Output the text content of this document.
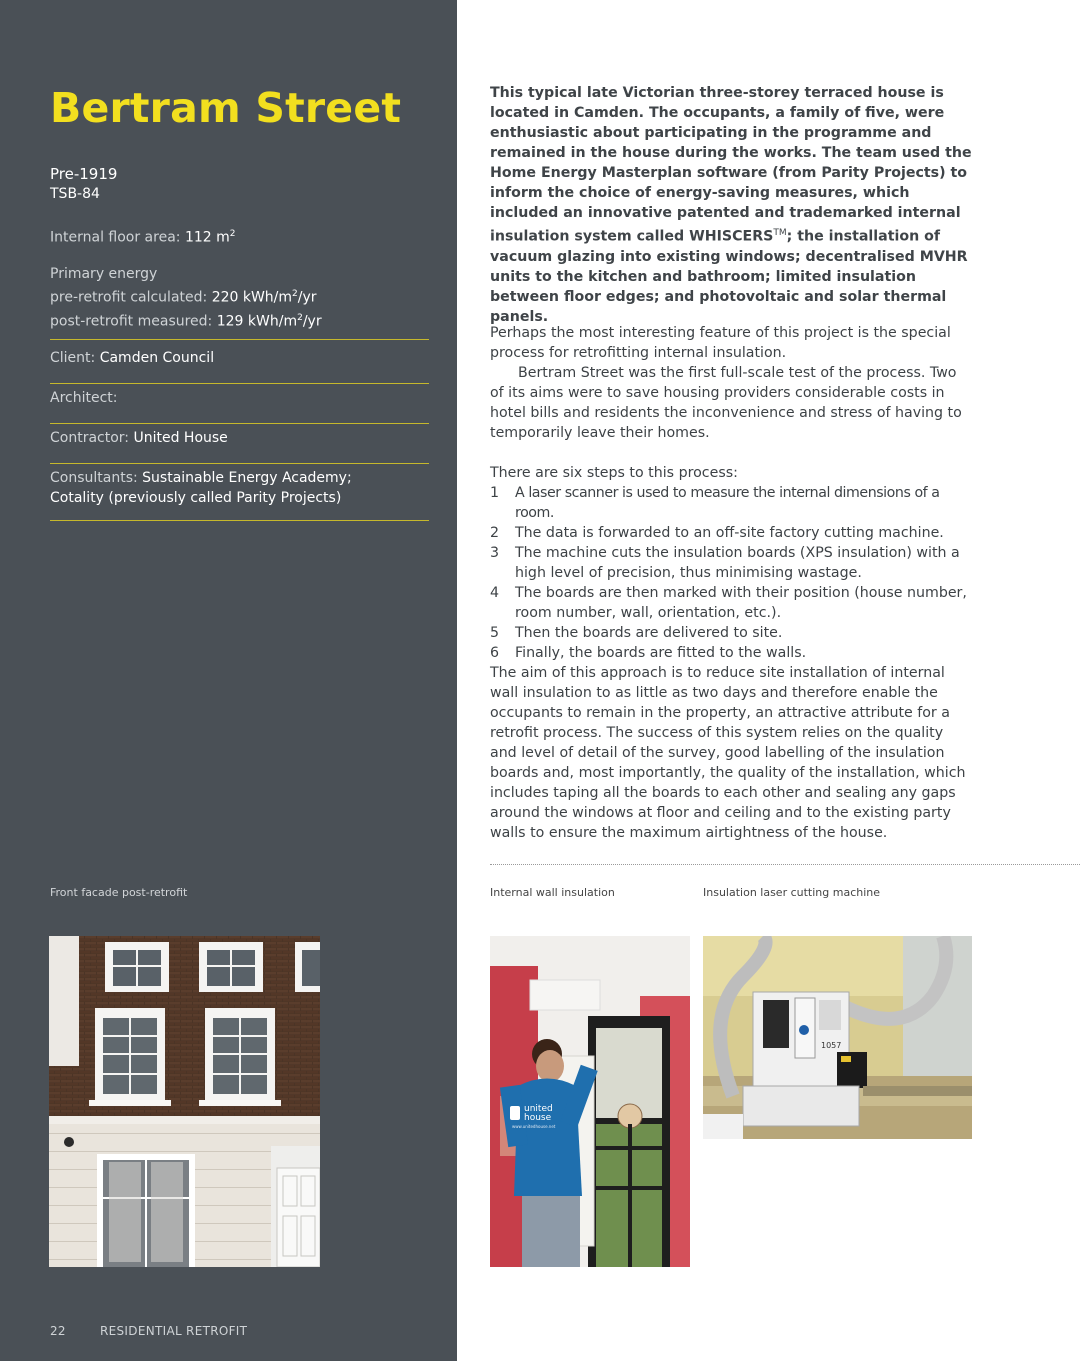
Bertram Street
Pre-1919
TSB-84
Internal floor area: 112 $m^2$
Primary energy
pre-retrofit calculated: 220 kWh/$m^2/yr$
post-retrofit measured: 129 kWh/$m^2/yr$
Client: Camden Council
Architect:
Contractor: United House
Consultants: Sustainable Energy Academy;
Cotality (previously called Parity Projects)
Front facade post-retrofit
22	RESIDENTIAL RETROFIT
This typical late Victorian three-storey terraced house is located in Camden. The occupants, a family of five, were enthusiastic about participating in the programme and remained in the house during the works. The team used the Home Energy Masterplan software (from Parity Projects) to inform the choice of energy-saving measures, which included an innovative patented and trademarked internal insulation system called WHISCERS™; the installation of vacuum glazing into existing windows; decentralised MVHR units to the kitchen and bathroom; limited insulation between floor edges; and photovoltaic and solar thermal panels.

Perhaps the most interesting feature of this project is the special process for retrofitting internal insulation.

Bertram Street was the first full-scale test of the process. Two of its aims were to save housing providers considerable costs in hotel bills and residents the inconvenience and stress of having to temporarily leave their homes.

There are six steps to this process:

1	A laser scanner is used to measure the internal dimensions of a room.
2	The data is forwarded to an off-site factory cutting machine.
3	The machine cuts the insulation boards (XPS insulation) with a high level of precision, thus minimising wastage.
4	The boards are then marked with their position (house number, room number, wall, orientation, etc.).
5	Then the boards are delivered to site.
6	Finally, the boards are fitted to the walls.

The aim of this approach is to reduce site installation of internal wall insulation to as little as two days and therefore enable the occupants to remain in the property, an attractive attribute for a retrofit process. The success of this system relies on the quality and level of detail of the survey, good labelling of the insulation boards and, most importantly, the quality of the installation, which includes taping all the boards to each other and sealing any gaps around the windows at floor and ceiling and to the existing party walls to ensure the maximum airtightness of the house.

Internal wall insulation	Insulation laser cutting machine
united
house
www.unitedhouse.net
1057
